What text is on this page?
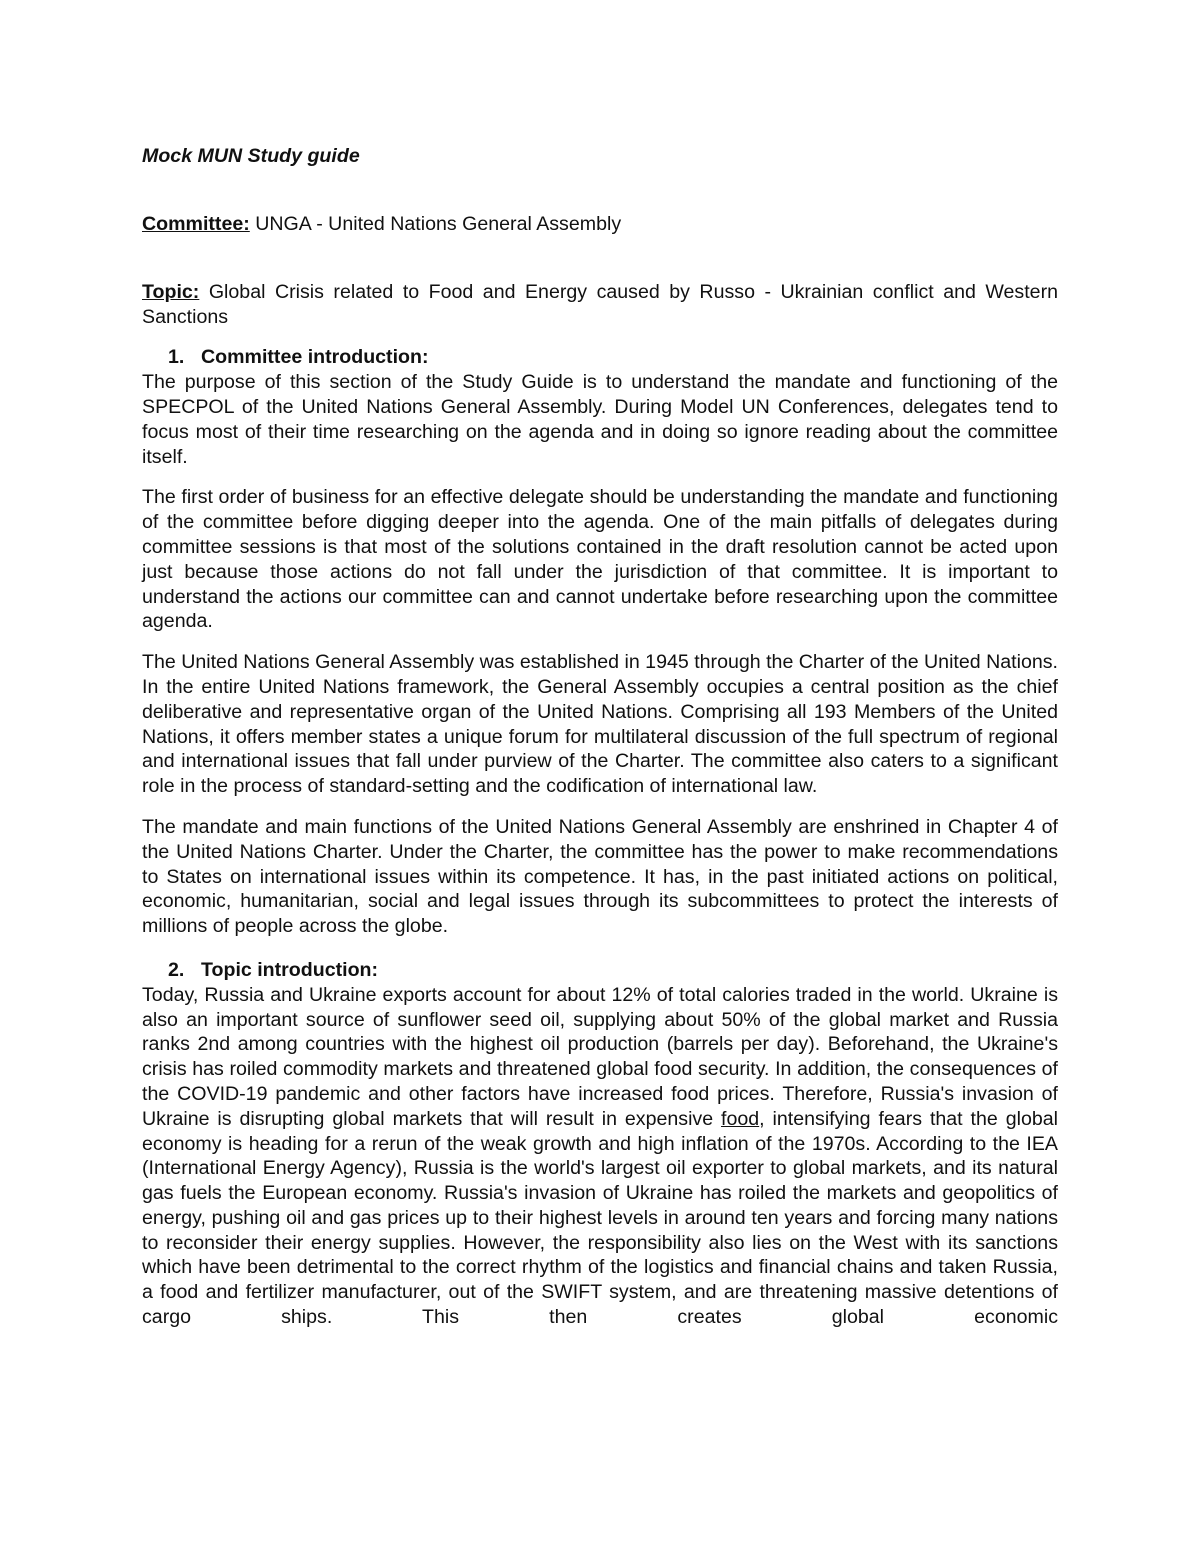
Mock MUN Study guide

Committee: UNGA - United Nations General Assembly

Topic: Global Crisis related to Food and Energy caused by Russo - Ukrainian conflict and Western Sanctions

1. Committee introduction:

The purpose of this section of the Study Guide is to understand the mandate and functioning of the SPECPOL of the United Nations General Assembly. During Model UN Conferences, delegates tend to focus most of their time researching on the agenda and in doing so ignore reading about the committee itself.

The first order of business for an effective delegate should be understanding the mandate and functioning of the committee before digging deeper into the agenda. One of the main pitfalls of delegates during committee sessions is that most of the solutions contained in the draft resolution cannot be acted upon just because those actions do not fall under the jurisdiction of that committee. It is important to understand the actions our committee can and cannot undertake before researching upon the committee agenda.

The United Nations General Assembly was established in 1945 through the Charter of the United Nations. In the entire United Nations framework, the General Assembly occupies a central position as the chief deliberative and representative organ of the United Nations. Comprising all 193 Members of the United Nations, it offers member states a unique forum for multilateral discussion of the full spectrum of regional and international issues that fall under purview of the Charter. The committee also caters to a significant role in the process of standard-setting and the codification of international law.

The mandate and main functions of the United Nations General Assembly are enshrined in Chapter 4 of the United Nations Charter. Under the Charter, the committee has the power to make recommendations to States on international issues within its competence. It has, in the past initiated actions on political, economic, humanitarian, social and legal issues through its subcommittees to protect the interests of millions of people across the globe.

2. Topic introduction:

Today, Russia and Ukraine exports account for about 12% of total calories traded in the world. Ukraine is also an important source of sunflower seed oil, supplying about 50% of the global market and Russia ranks 2nd among countries with the highest oil production (barrels per day). Beforehand, the Ukraine's crisis has roiled commodity markets and threatened global food security. In addition, the consequences of the COVID-19 pandemic and other factors have increased food prices. Therefore, Russia's invasion of Ukraine is disrupting global markets that will result in expensive food, intensifying fears that the global economy is heading for a rerun of the weak growth and high inflation of the 1970s. According to the IEA (International Energy Agency), Russia is the world's largest oil exporter to global markets, and its natural gas fuels the European economy. Russia's invasion of Ukraine has roiled the markets and geopolitics of energy, pushing oil and gas prices up to their highest levels in around ten years and forcing many nations to reconsider their energy supplies. However, the responsibility also lies on the West with its sanctions which have been detrimental to the correct rhythm of the logistics and financial chains and taken Russia, a food and fertilizer manufacturer, out of the SWIFT system, and are threatening massive detentions of cargo ships. This then creates global economic
